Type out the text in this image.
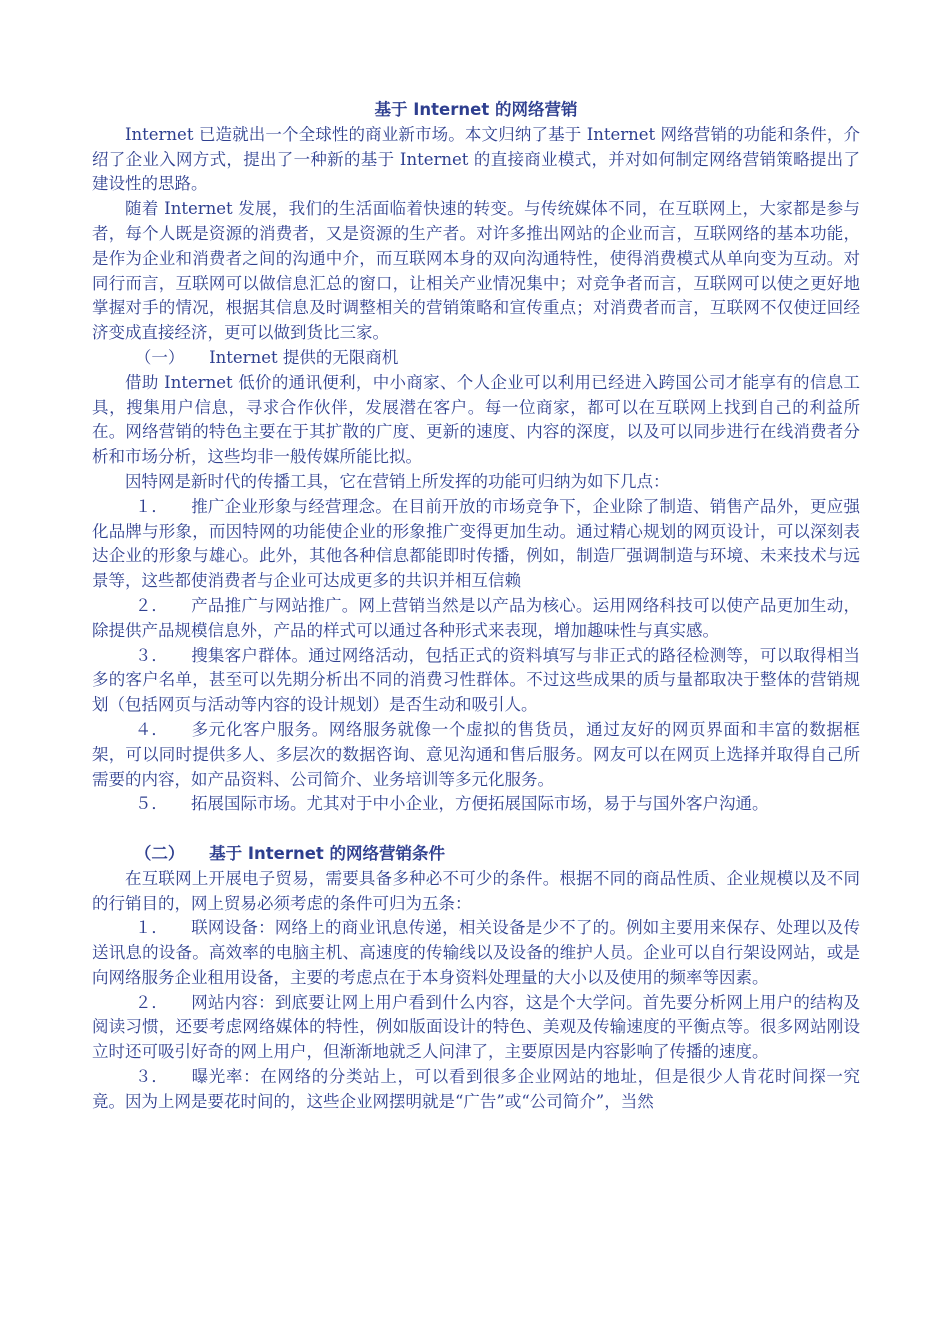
基于 Internet 的网络营销

Internet 已造就出一个全球性的商业新市场。本文归纳了基于 Internet 网络营销的功能和条件，介绍了企业入网方式，提出了一种新的基于 Internet 的直接商业模式，并对如何制定网络营销策略提出了建设性的思路。

随着 Internet 发展，我们的生活面临着快速的转变。与传统媒体不同，在互联网上，大家都是参与者，每个人既是资源的消费者，又是资源的生产者。对许多推出网站的企业而言，互联网络的基本功能，是作为企业和消费者之间的沟通中介，而互联网本身的双向沟通特性，使得消费模式从单向变为互动。对同行而言，互联网可以做信息汇总的窗口，让相关产业情况集中；对竞争者而言，互联网可以使之更好地掌握对手的情况，根据其信息及时调整相关的营销策略和宣传重点；对消费者而言，互联网不仅使迂回经济变成直接经济，更可以做到货比三家。

（一） Internet 提供的无限商机

借助 Internet 低价的通讯便利，中小商家、个人企业可以利用已经进入跨国公司才能享有的信息工具，搜集用户信息，寻求合作伙伴，发展潜在客户。每一位商家，都可以在互联网上找到自己的利益所在。网络营销的特色主要在于其扩散的广度、更新的速度、内容的深度，以及可以同步进行在线消费者分析和市场分析，这些均非一般传媒所能比拟。

因特网是新时代的传播工具，它在营销上所发挥的功能可归纳为如下几点：

１． 推广企业形象与经营理念。在目前开放的市场竞争下，企业除了制造、销售产品外，更应强化品牌与形象，而因特网的功能使企业的形象推广变得更加生动。通过精心规划的网页设计，可以深刻表达企业的形象与雄心。此外，其他各种信息都能即时传播，例如，制造厂强调制造与环境、未来技术与远景等，这些都使消费者与企业可达成更多的共识并相互信赖

２． 产品推广与网站推广。网上营销当然是以产品为核心。运用网络科技可以使产品更加生动，除提供产品规模信息外，产品的样式可以通过各种形式来表现，增加趣味性与真实感。

３． 搜集客户群体。通过网络活动，包括正式的资料填写与非正式的路径检测等，可以取得相当多的客户名单，甚至可以先期分析出不同的消费习性群体。不过这些成果的质与量都取决于整体的营销规划（包括网页与活动等内容的设计规划）是否生动和吸引人。

４． 多元化客户服务。网络服务就像一个虚拟的售货员，通过友好的网页界面和丰富的数据框架，可以同时提供多人、多层次的数据咨询、意见沟通和售后服务。网友可以在网页上选择并取得自己所需要的内容，如产品资料、公司简介、业务培训等多元化服务。

５． 拓展国际市场。尤其对于中小企业，方便拓展国际市场，易于与国外客户沟通。

（二） 基于 Internet 的网络营销条件

在互联网上开展电子贸易，需要具备多种必不可少的条件。根据不同的商品性质、企业规模以及不同的行销目的，网上贸易必须考虑的条件可归为五条：

１． 联网设备：网络上的商业讯息传递，相关设备是少不了的。例如主要用来保存、处理以及传送讯息的设备。高效率的电脑主机、高速度的传输线以及设备的维护人员。企业可以自行架设网站，或是向网络服务企业租用设备，主要的考虑点在于本身资料处理量的大小以及使用的频率等因素。

２． 网站内容：到底要让网上用户看到什么内容，这是个大学问。首先要分析网上用户的结构及阅读习惯，还要考虑网络媒体的特性，例如版面设计的特色、美观及传输速度的平衡点等。很多网站刚设立时还可吸引好奇的网上用户，但渐渐地就乏人问津了，主要原因是内容影响了传播的速度。

３． 曝光率：在网络的分类站上，可以看到很多企业网站的地址，但是很少人肯花时间探一究竟。因为上网是要花时间的，这些企业网摆明就是“广告”或“公司简介”，当然
